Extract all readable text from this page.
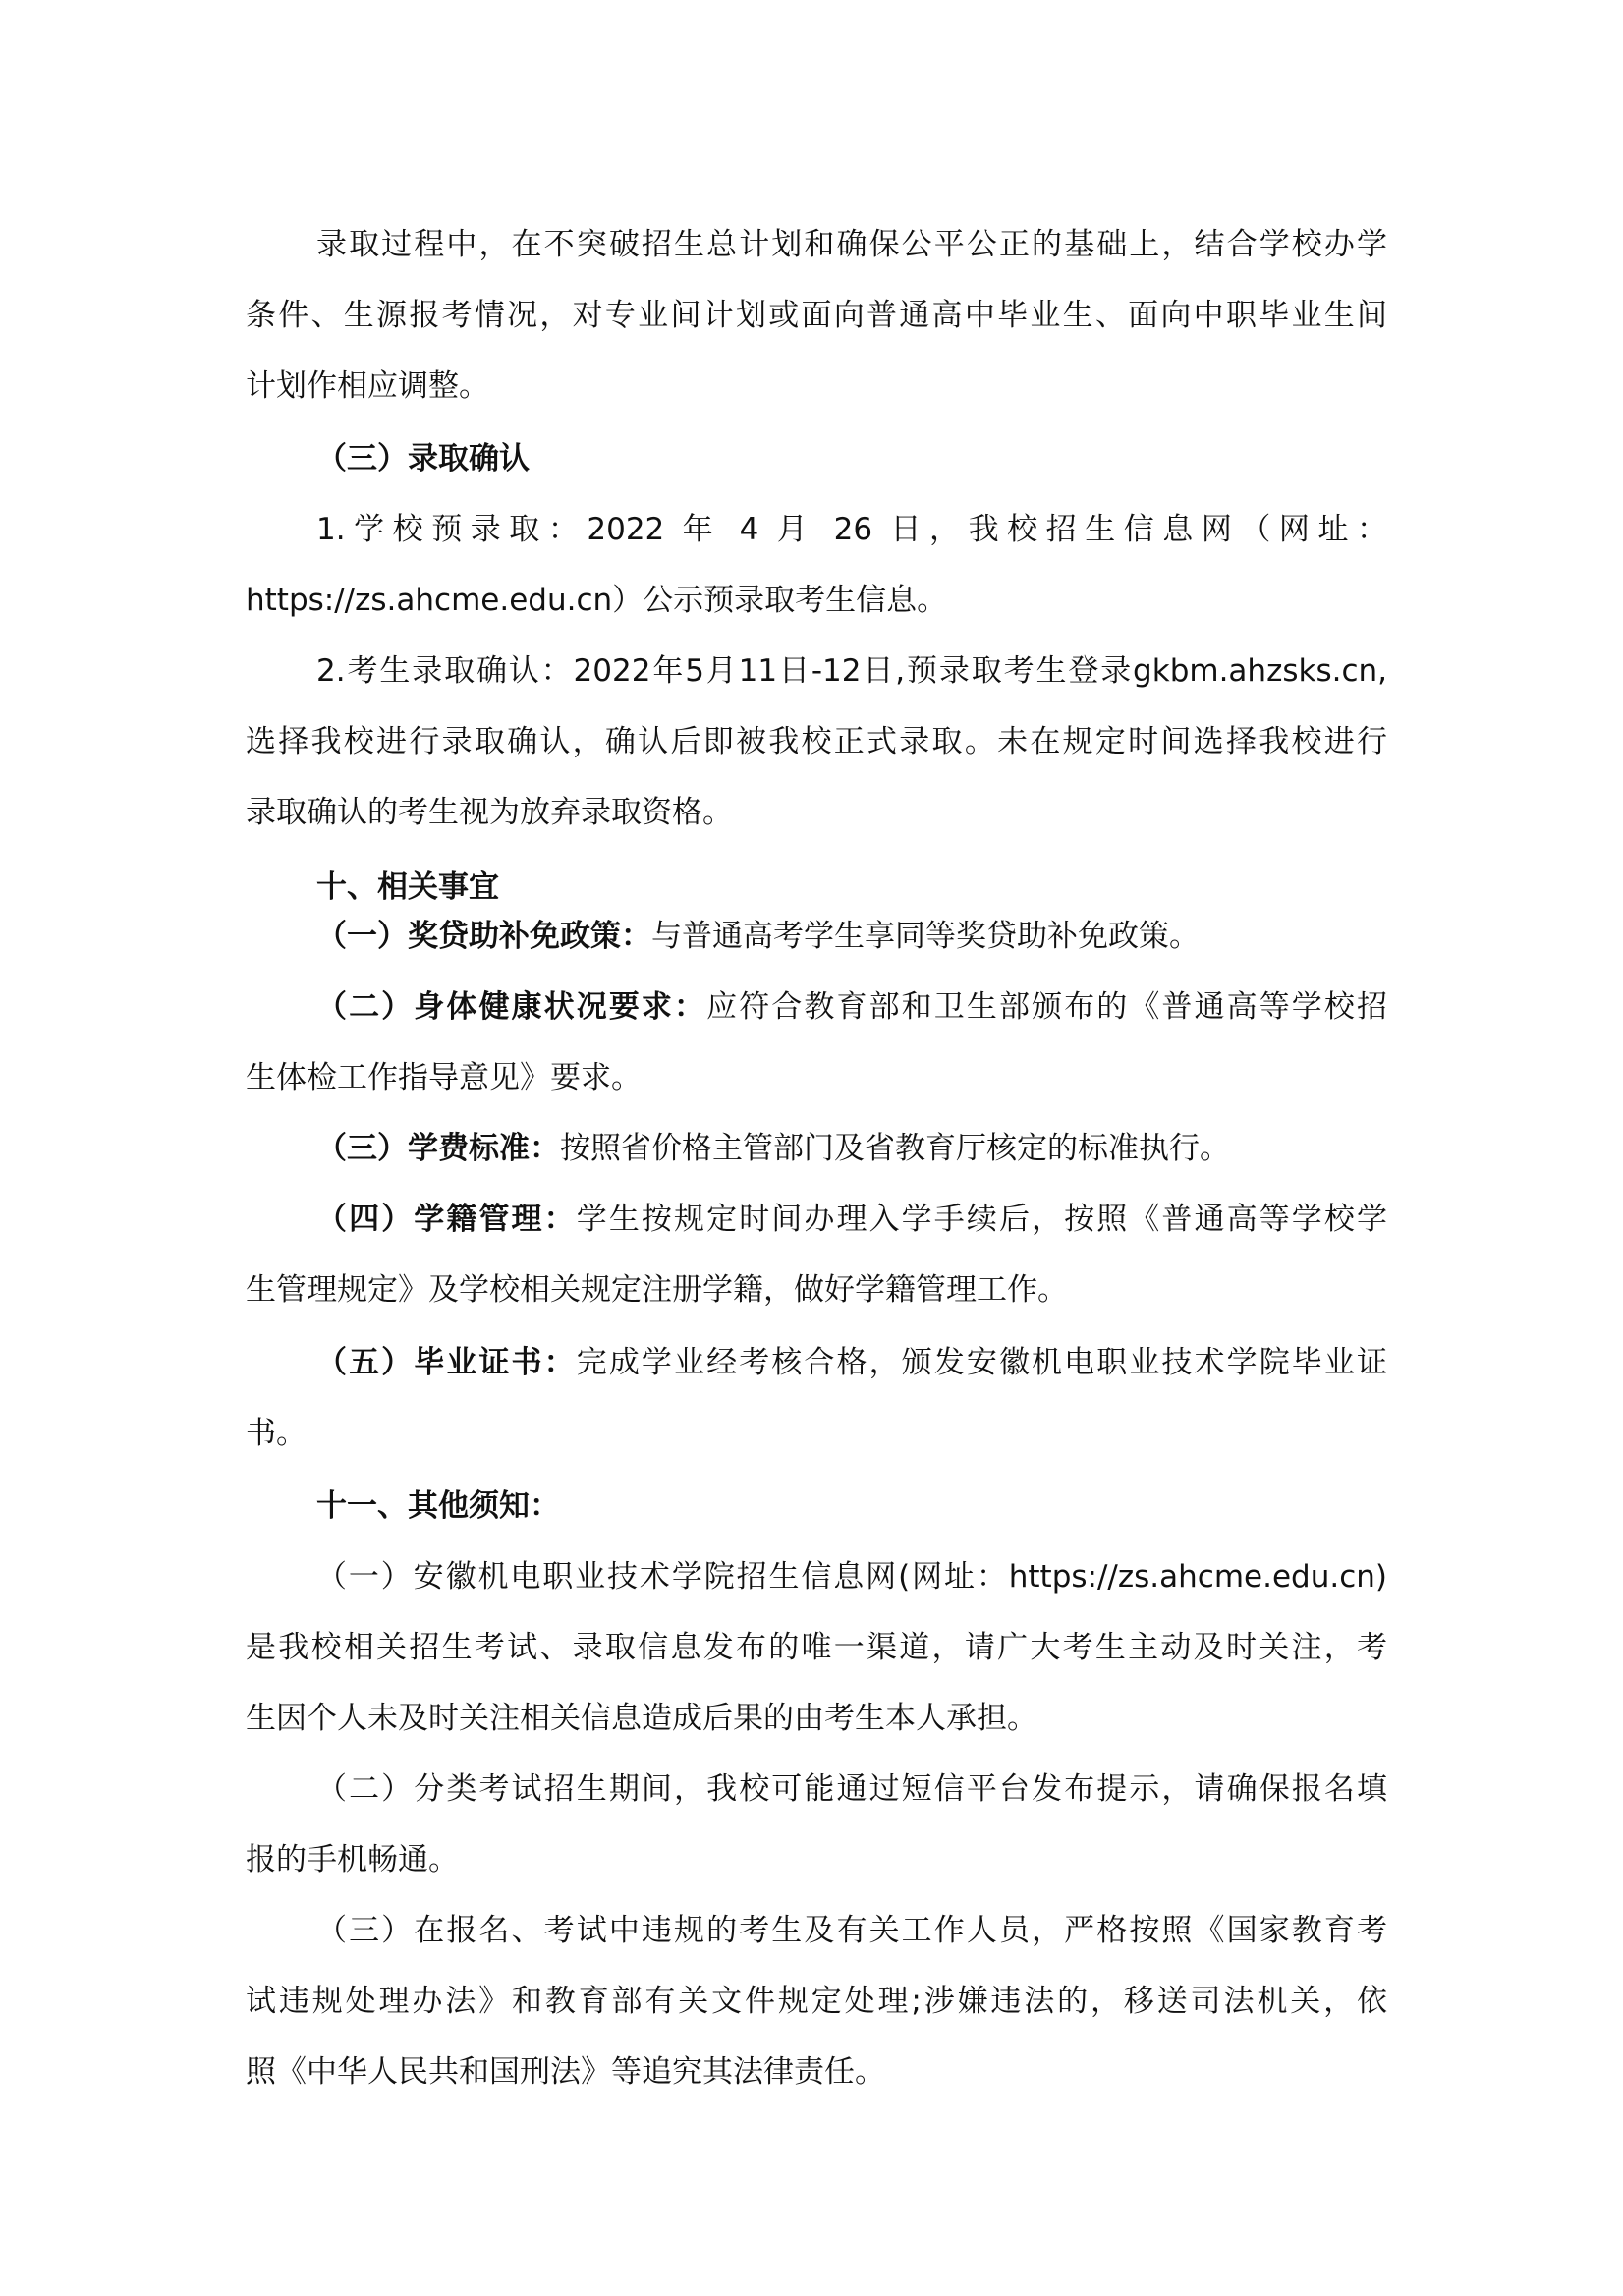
录取过程中，在不突破招生总计划和确保公平公正的基础上，结合学校办学
条件、生源报考情况，对专业间计划或面向普通高中毕业生、面向中职毕业生间
计划作相应调整。
（三）录取确认
1.学校预录取：2022 年 4 月 26 日，我校招生信息网（网址：
https://zs.ahcme.edu.cn）公示预录取考生信息。
2.考生录取确认：2022年5月11日-12日,预录取考生登录gkbm.ahzsks.cn,
选择我校进行录取确认，确认后即被我校正式录取。未在规定时间选择我校进行
录取确认的考生视为放弃录取资格。
十、相关事宜
（一）奖贷助补免政策：与普通高考学生享同等奖贷助补免政策。
（二）身体健康状况要求：应符合教育部和卫生部颁布的《普通高等学校招
生体检工作指导意见》要求。
（三）学费标准：按照省价格主管部门及省教育厅核定的标准执行。
（四）学籍管理：学生按规定时间办理入学手续后，按照《普通高等学校学
生管理规定》及学校相关规定注册学籍，做好学籍管理工作。
（五）毕业证书：完成学业经考核合格，颁发安徽机电职业技术学院毕业证
书。
十一、其他须知：
（一）安徽机电职业技术学院招生信息网(网址：https://zs.ahcme.edu.cn)
是我校相关招生考试、录取信息发布的唯一渠道，请广大考生主动及时关注，考
生因个人未及时关注相关信息造成后果的由考生本人承担。
（二）分类考试招生期间，我校可能通过短信平台发布提示，请确保报名填
报的手机畅通。
（三）在报名、考试中违规的考生及有关工作人员，严格按照《国家教育考
试违规处理办法》和教育部有关文件规定处理;涉嫌违法的，移送司法机关，依
照《中华人民共和国刑法》等追究其法律责任。
